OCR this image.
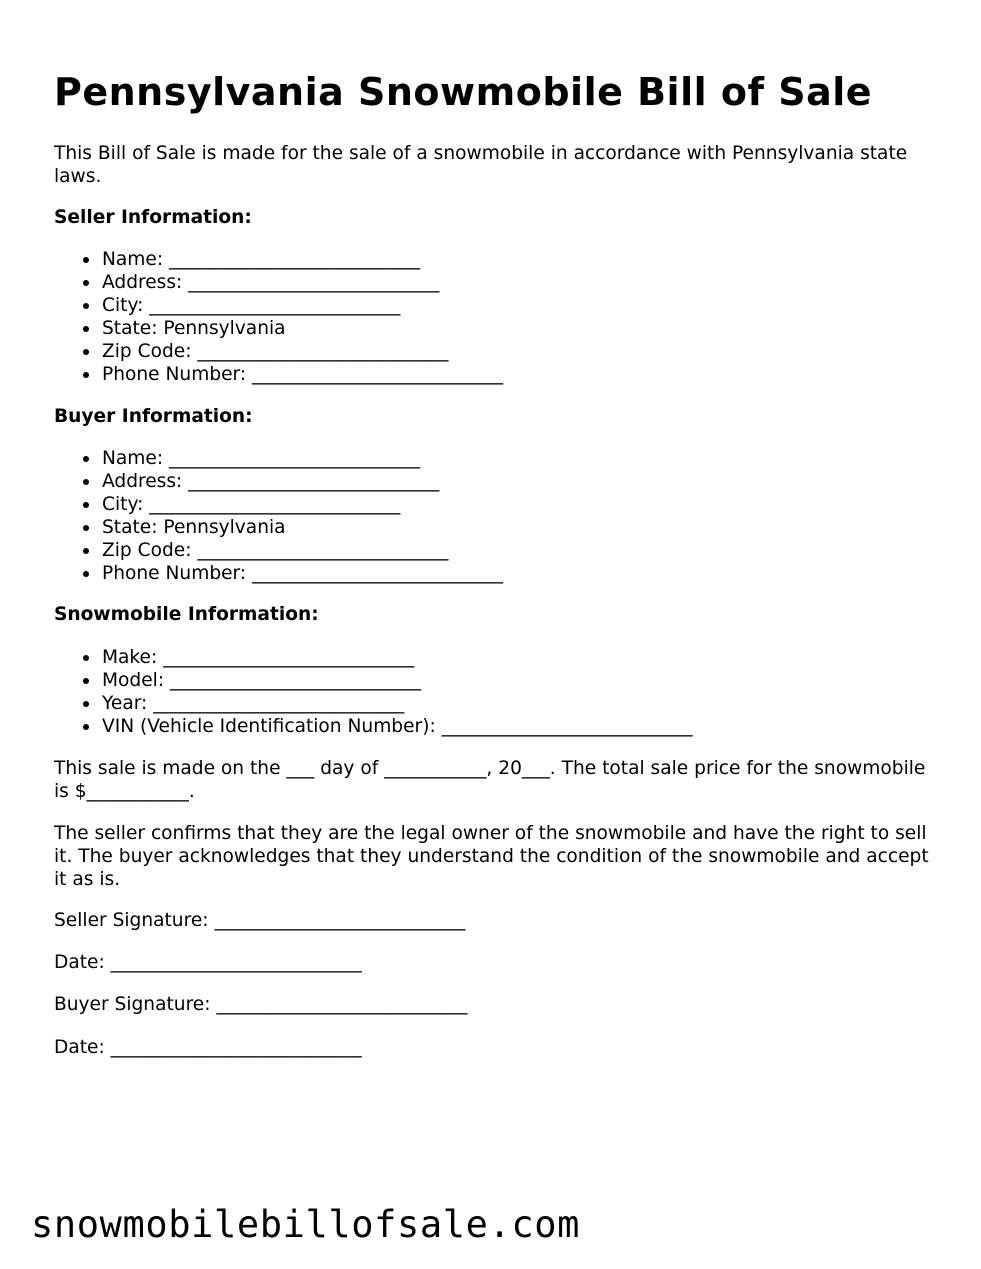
Pennsylvania Snowmobile Bill of Sale

This Bill of Sale is made for the sale of a snowmobile in accordance with Pennsylvania state laws.

Seller Information:

Name: ___________________________
Address: ___________________________
City: ___________________________
State: Pennsylvania
Zip Code: ___________________________
Phone Number: ___________________________

Buyer Information:

Name: ___________________________
Address: ___________________________
City: ___________________________
State: Pennsylvania
Zip Code: ___________________________
Phone Number: ___________________________

Snowmobile Information:

Make: ___________________________
Model: ___________________________
Year: ___________________________
VIN (Vehicle Identification Number): ___________________________

This sale is made on the ___ day of ___________, 20___. The total sale price for the snowmobile is $___________.

The seller confirms that they are the legal owner of the snowmobile and have the right to sell it. The buyer acknowledges that they understand the condition of the snowmobile and accept it as is.

Seller Signature: ___________________________

Date: ___________________________

Buyer Signature: ___________________________

Date: ___________________________

snowmobilebillofsale.com
